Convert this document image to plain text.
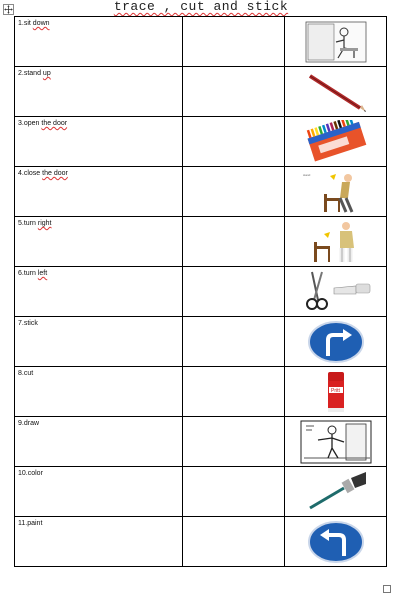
trace , cut and stick
1.sit down

2.stand up

3.open the door

4.close the door		stand

5.turn right

6.turn left

7.stick

8.cut		Pritt

9.draw

10.color

11.paint
